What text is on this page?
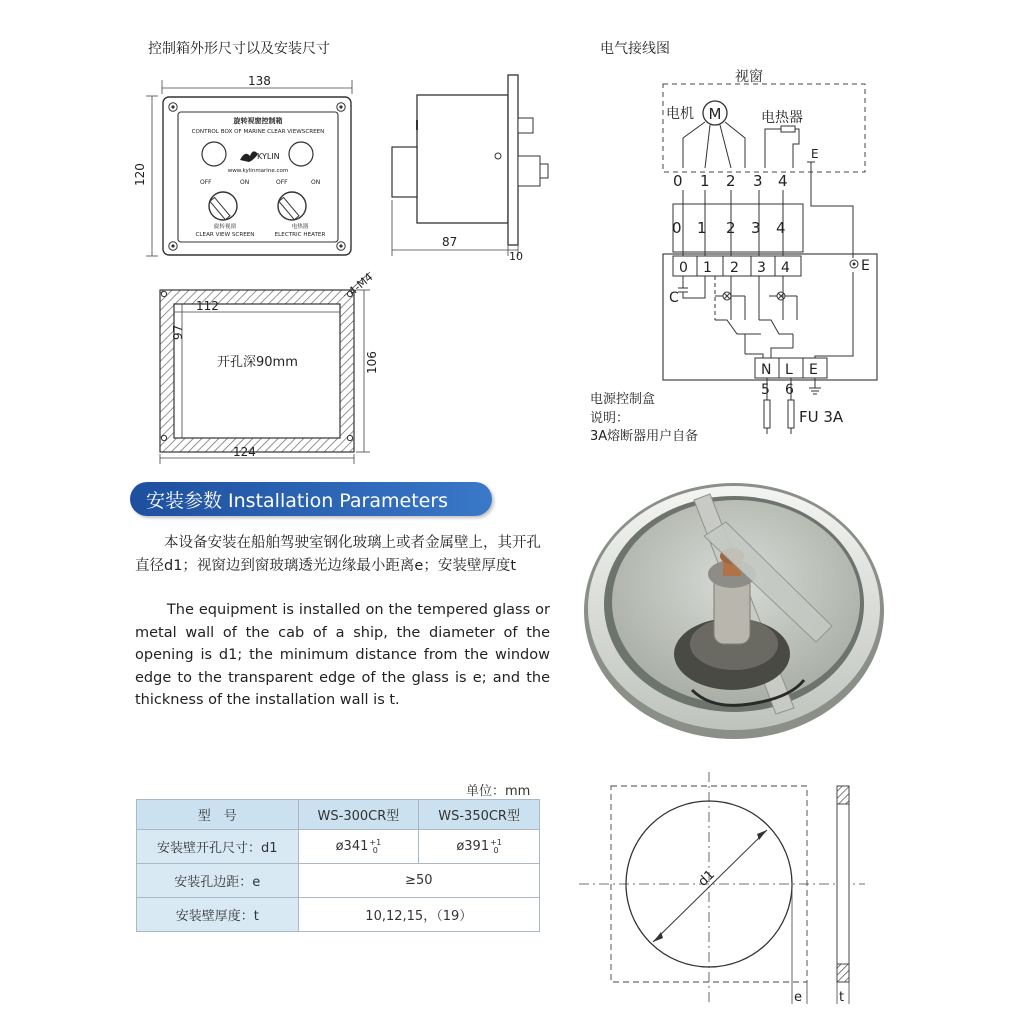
控制箱外形尺寸以及安装尺寸
138
120
旋转视窗控制箱
CONTROL BOX OF MARINE CLEAR VIEWSCREEN
KYLIN
www.kylinmarine.com
OFF	ON	OFF	ON
旋转视窗
CLEAR VIEW SCREEN
电热器
ELECTRIC HEATER	87
10
4-M4
112
97
开孔深90mm	106
124
电气接线图
视窗
电机 M	电热器
E
0 1 2 3 4
0 1 2 3 4
0 1 2 3 4	E
C
N L E
5 6
FU 3A
电源控制盒
说明：
3A熔断器用户自备
安装参数 Installation Parameters
本设备安装在船舶驾驶室钢化玻璃上或者金属壁上，其开孔直径d1；视窗边到窗玻璃透光边缘最小距离e；安装壁厚度t
The equipment is installed on the tempered glass or metal wall of the cab of a ship, the diameter of the opening is d1; the minimum distance from the window edge to the transparent edge of the glass is e; and the thickness of the installation wall is t.
单位：mm
型　号	WS-300CR型	WS-350CR型
安装壁开孔尺寸：d1	ø341 $^{+1 0}$	ø391 $^{+1 0}$

安装孔边距：e	≥50	
安装壁厚度：t	10,12,15，（19）	
d1
e	t
